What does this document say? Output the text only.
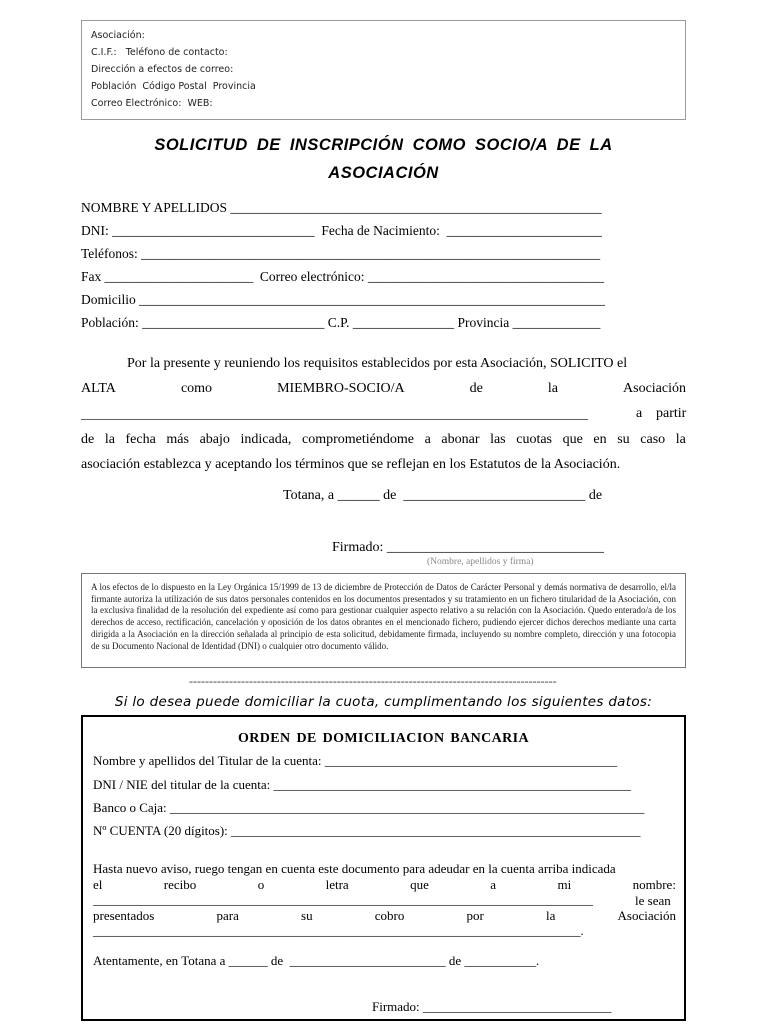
Asociación:
C.I.F.:   Teléfono de contacto:
Dirección a efectos de correo:
Población  Código Postal  Provincia
Correo Electrónico:  WEB:
SOLICITUD DE INSCRIPCIÓN COMO SOCIO/A DE LA
ASOCIACIÓN
NOMBRE Y APELLIDOS _______________________________________________________
DNI: ______________________________  Fecha de Nacimiento:  _______________________
Teléfonos: ____________________________________________________________________
Fax ______________________  Correo electrónico: ___________________________________
Domicilio _____________________________________________________________________
Población: ___________________________ C.P. _______________ Provincia _____________
Por la presente y reuniendo los requisitos establecidos por esta Asociación, SOLICITO el
ALTA	como	MIEMBRO-SOCIO/A	de	la	Asociación
______________________________________________________________________________	a partir
de la fecha más abajo indicada, comprometiéndome a abonar las cuotas que en su caso la
asociación establezca y aceptando los términos que se reflejan en los Estatutos de la Asociación.
Totana, a ______ de  __________________________ de
Firmado: _______________________________
(Nombre, apellidos y firma)
A los efectos de lo dispuesto en la Ley Orgánica 15/1999 de 13 de diciembre de Protección de Datos de Carácter Personal y demás normativa de desarrollo, el/la firmante autoriza la utilización de sus datos personales contenidos en los documentos presentados y su tratamiento en un fichero titularidad de la Asociación, con la exclusiva finalidad de la resolución del expediente así como para gestionar cualquier aspecto relativo a su relación con la Asociación. Quedo enterado/a de los derechos de acceso, rectificación, cancelación y oposición de los datos obrantes en el mencionado fichero, pudiendo ejercer dichos derechos mediante una carta dirigida a la Asociación en la dirección señalada al principio de esta solicitud, debidamente firmada, incluyendo su nombre completo, dirección y una fotocopia de su Documento Nacional de Identidad (DNI) o cualquier otro documento válido.
--------------------------------------------------------------------------------------------
Si lo desea puede domiciliar la cuota, cumplimentando los siguientes datos:
ORDEN DE DOMICILIACION BANCARIA
Nombre y apellidos del Titular de la cuenta: _____________________________________________
DNI / NIE del titular de la cuenta: _______________________________________________________
Banco o Caja: _________________________________________________________________________
Nº CUENTA (20 dígitos): _______________________________________________________________
Hasta nuevo aviso, ruego tengan en cuenta este documento para adeudar en la cuenta arriba indicada
el	recibo	o	letra	que	a	mi	nombre:
________________________________________________________________________________	le sean
presentados	para	su	cobro	por	la	Asociación
______________________________________________________________________________.
Atentamente, en Totana a ______ de  ________________________ de ___________.
Firmado: _____________________________
